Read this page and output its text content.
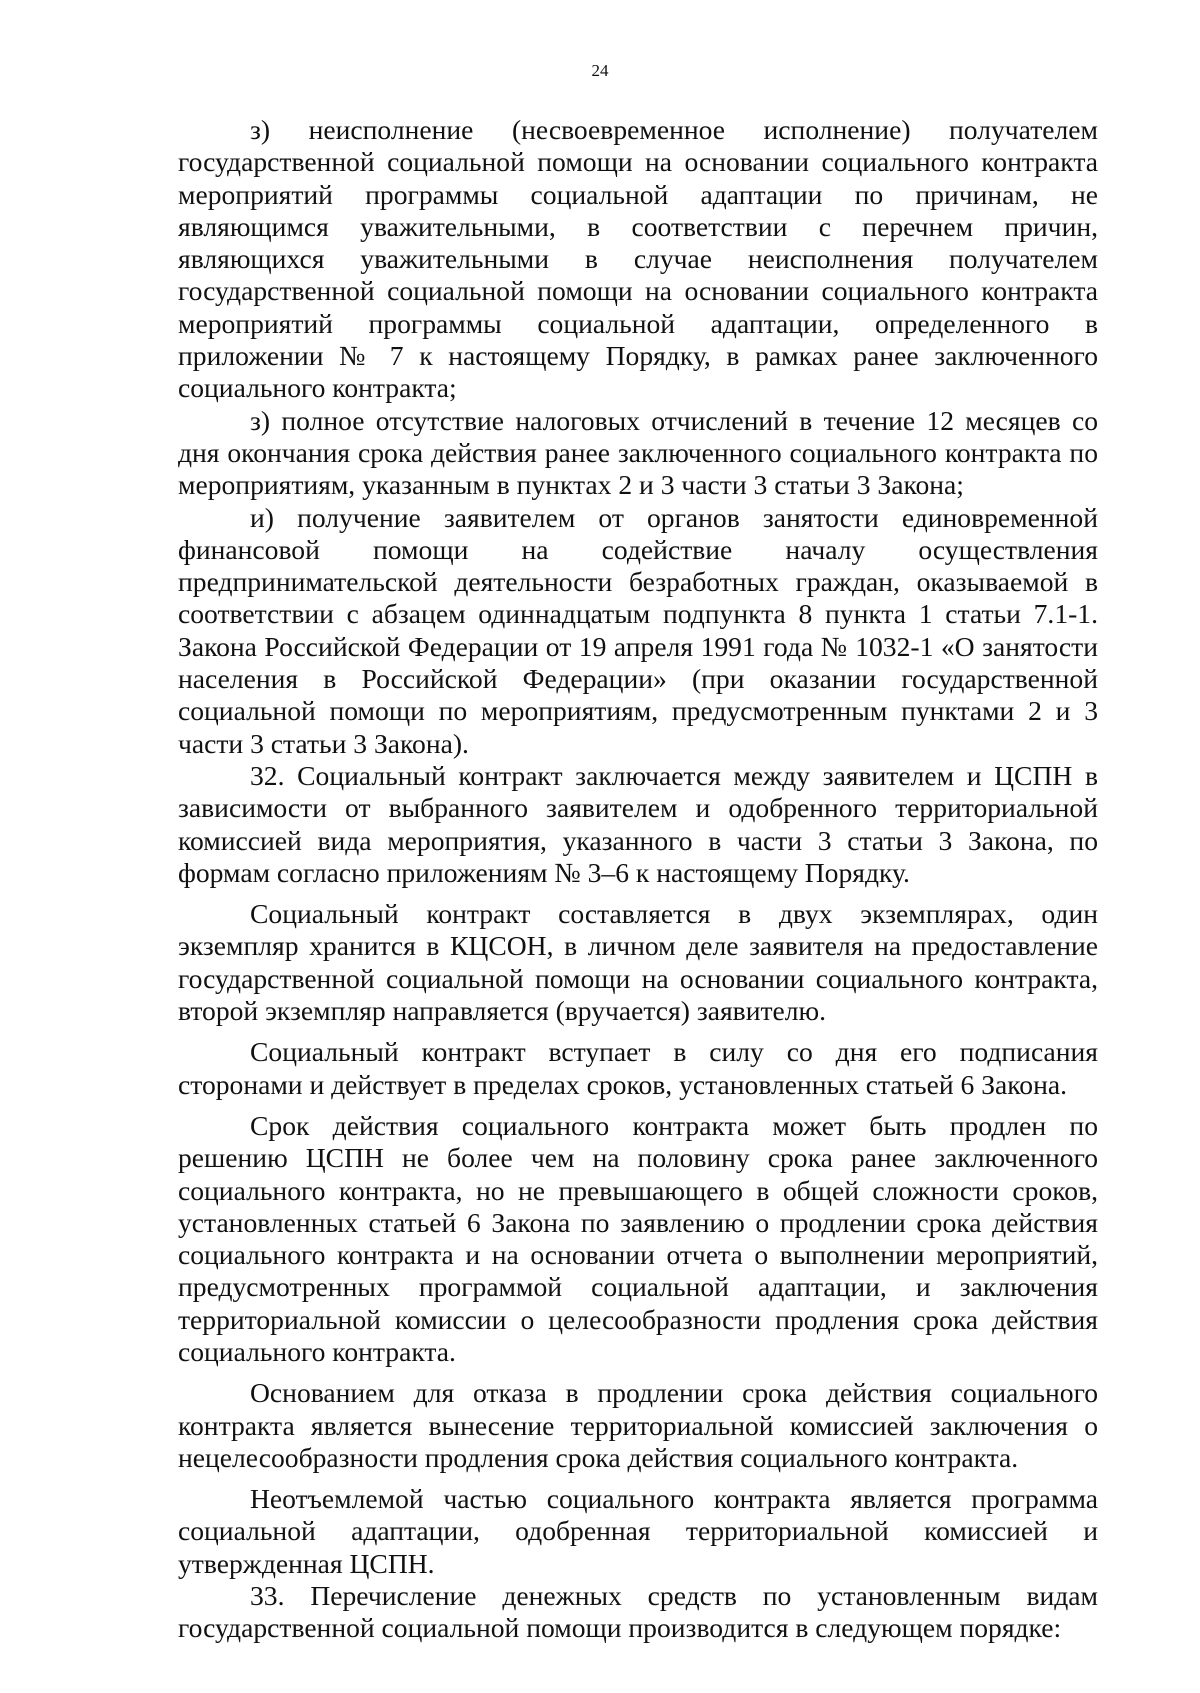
24

з) неисполнение (несвоевременное исполнение) получателем государственной социальной помощи на основании социального контракта мероприятий программы социальной адаптации по причинам, не являющимся уважительными, в соответствии с перечнем причин, являющихся уважительными в случае неисполнения получателем государственной социальной помощи на основании социального контракта мероприятий программы социальной адаптации, определенного в приложении № 7 к настоящему Порядку, в рамках ранее заключенного социального контракта;

з) полное отсутствие налоговых отчислений в течение 12 месяцев со дня окончания срока действия ранее заключенного социального контракта по мероприятиям, указанным в пунктах 2 и 3 части 3 статьи 3 Закона;

и) получение заявителем от органов занятости единовременной финансовой помощи на содействие началу осуществления предпринимательской деятельности безработных граждан, оказываемой в соответствии с абзацем одиннадцатым подпункта 8 пункта 1 статьи 7.1-1. Закона Российской Федерации от 19 апреля 1991 года № 1032-1 «О занятости населения в Российской Федерации» (при оказании государственной социальной помощи по мероприятиям, предусмотренным пунктами 2 и 3 части 3 статьи 3 Закона).

32. Социальный контракт заключается между заявителем и ЦСПН в зависимости от выбранного заявителем и одобренного территориальной комиссией вида мероприятия, указанного в части 3 статьи 3 Закона, по формам согласно приложениям № 3–6 к настоящему Порядку.

Социальный контракт составляется в двух экземплярах, один экземпляр хранится в КЦСОН, в личном деле заявителя на предоставление государственной социальной помощи на основании социального контракта, второй экземпляр направляется (вручается) заявителю.

Социальный контракт вступает в силу со дня его подписания сторонами и действует в пределах сроков, установленных статьей 6 Закона.

Срок действия социального контракта может быть продлен по решению ЦСПН не более чем на половину срока ранее заключенного социального контракта, но не превышающего в общей сложности сроков, установленных статьей 6 Закона по заявлению о продлении срока действия социального контракта и на основании отчета о выполнении мероприятий, предусмотренных программой социальной адаптации, и заключения территориальной комиссии о целесообразности продления срока действия социального контракта.

Основанием для отказа в продлении срока действия социального контракта является вынесение территориальной комиссией заключения о нецелесообразности продления срока действия социального контракта.

Неотъемлемой частью социального контракта является программа социальной адаптации, одобренная территориальной комиссией и утвержденная ЦСПН.

33. Перечисление денежных средств по установленным видам государственной социальной помощи производится в следующем порядке:
